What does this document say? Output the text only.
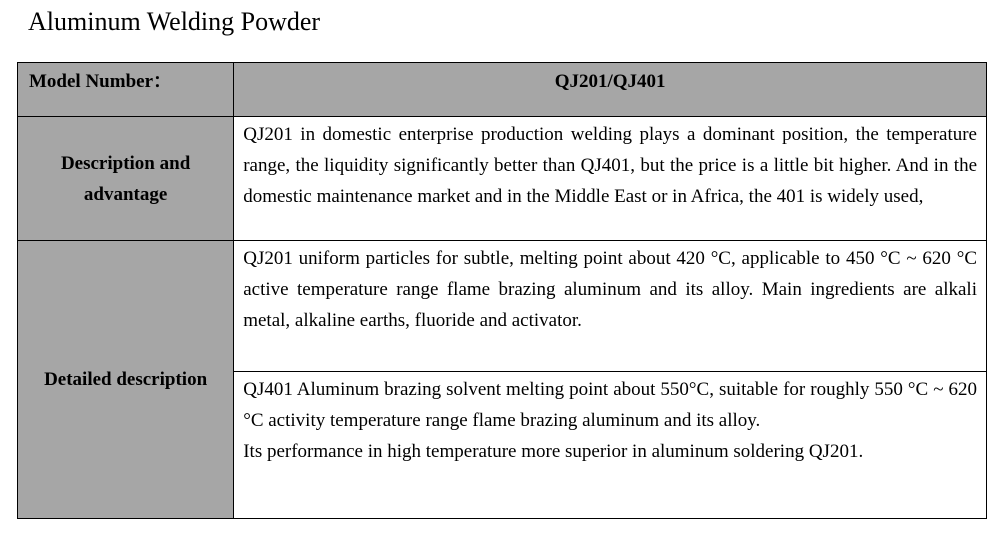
Aluminum Welding Powder
Model Number：	QJ201/QJ401
Description and
advantage	QJ201 in domestic enterprise production welding plays a dominant position, the temperature range, the liquidity significantly better than QJ401, but the price is a little bit higher. And in the domestic maintenance market and in the Middle East or in Africa, the 401 is widely used,
Detailed description	QJ201 uniform particles for subtle, melting point about 420 °C, applicable to 450 °C ~ 620 °C active temperature range flame brazing aluminum and its alloy. Main ingredients are alkali metal, alkaline earths, fluoride and activator.

	QJ401 Aluminum brazing solvent melting point about 550°C, suitable for roughly 550 °C ~ 620 °C activity temperature range flame brazing aluminum and its alloy.

Its performance in high temperature more superior in aluminum soldering QJ201.
